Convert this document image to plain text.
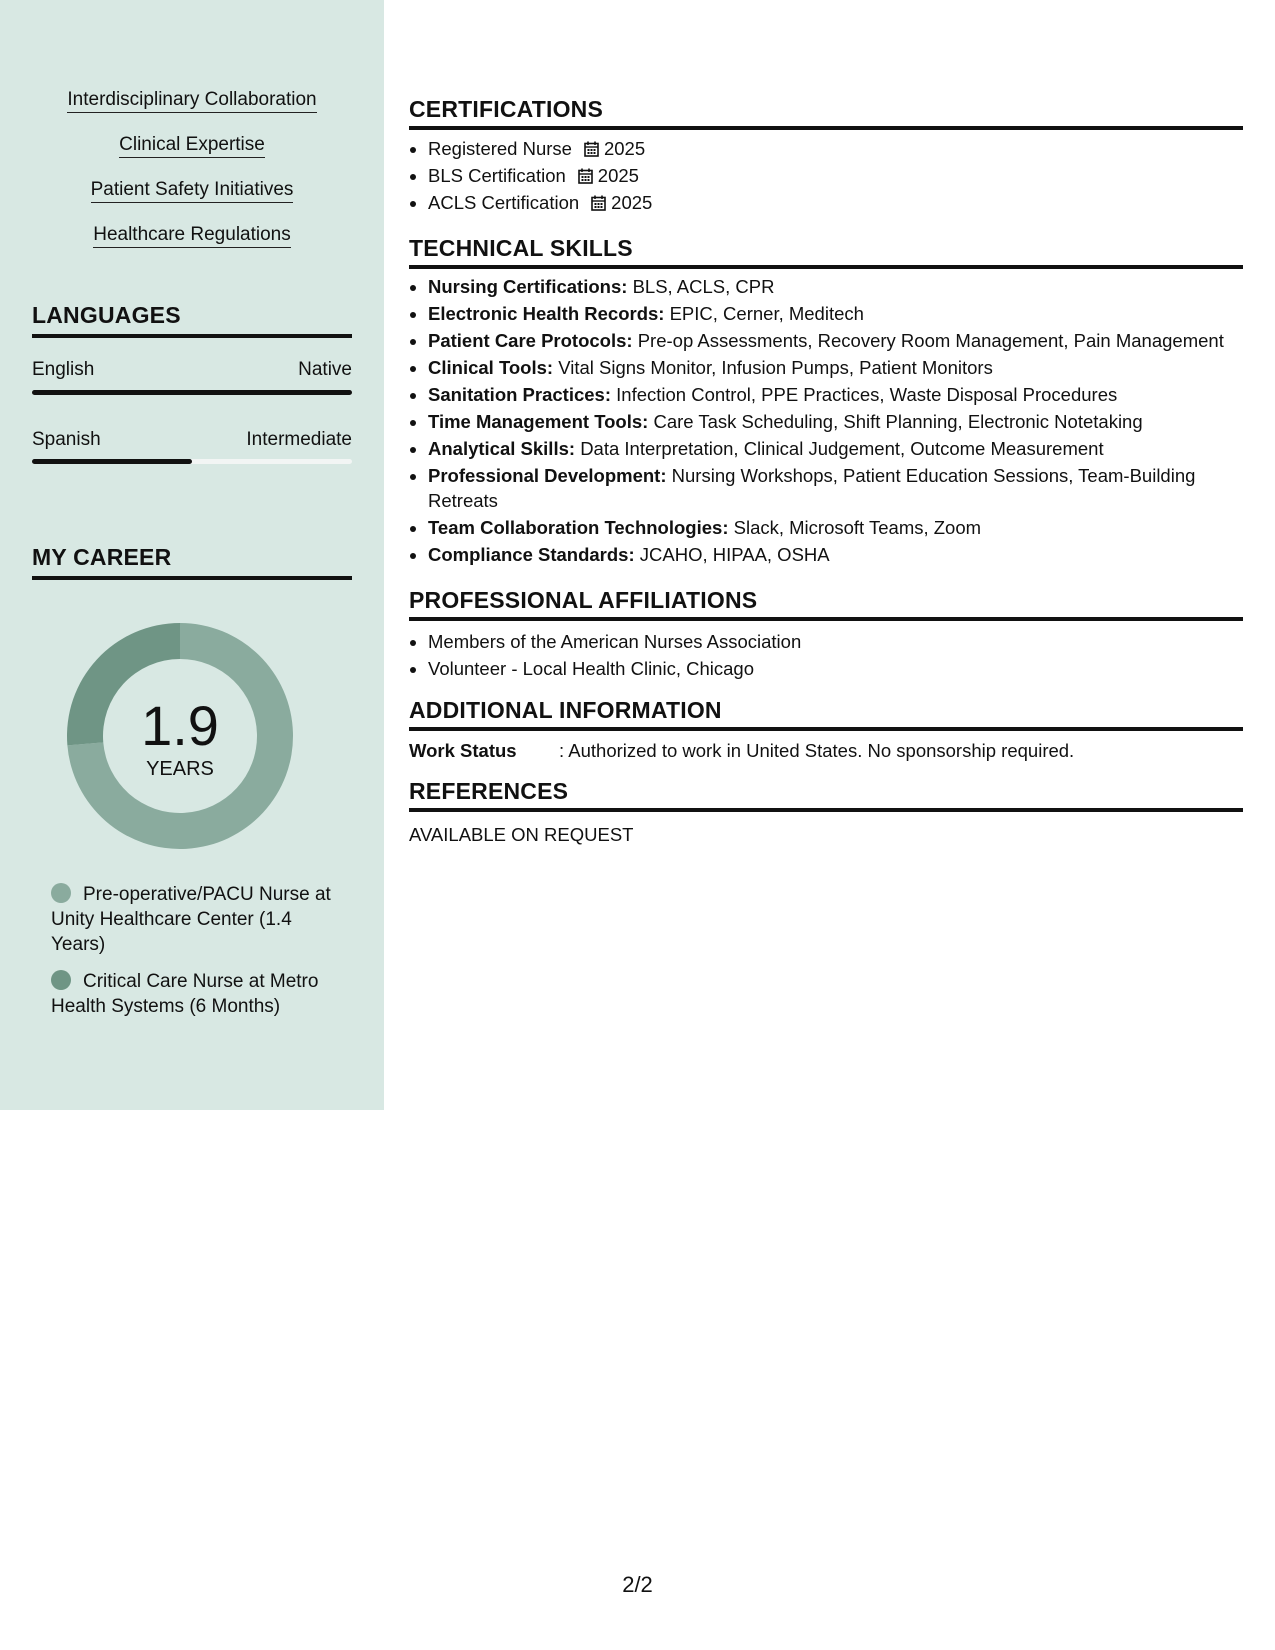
Interdisciplinary Collaboration
Clinical Expertise
Patient Safety Initiatives
Healthcare Regulations
LANGUAGES
English	Native
Spanish	Intermediate
MY CAREER
1.9
YEARS
Pre-operative/PACU Nurse at Unity Healthcare Center (1.4 Years)
Critical Care Nurse at Metro Health Systems (6 Months)
CERTIFICATIONS
• Registered Nurse 2025
• BLS Certification 2025
• ACLS Certification 2025
TECHNICAL SKILLS
• Nursing Certifications: BLS, ACLS, CPR
• Electronic Health Records: EPIC, Cerner, Meditech
• Patient Care Protocols: Pre-op Assessments, Recovery Room Management, Pain Management
• Clinical Tools: Vital Signs Monitor, Infusion Pumps, Patient Monitors
• Sanitation Practices: Infection Control, PPE Practices, Waste Disposal Procedures
• Time Management Tools: Care Task Scheduling, Shift Planning, Electronic Notetaking
• Analytical Skills: Data Interpretation, Clinical Judgement, Outcome Measurement
• Professional Development: Nursing Workshops, Patient Education Sessions, Team-Building Retreats
• Team Collaboration Technologies: Slack, Microsoft Teams, Zoom
• Compliance Standards: JCAHO, HIPAA, OSHA
PROFESSIONAL AFFILIATIONS
• Members of the American Nurses Association
• Volunteer - Local Health Clinic, Chicago
ADDITIONAL INFORMATION
Work Status : Authorized to work in United States. No sponsorship required.
REFERENCES
AVAILABLE ON REQUEST
2/2
